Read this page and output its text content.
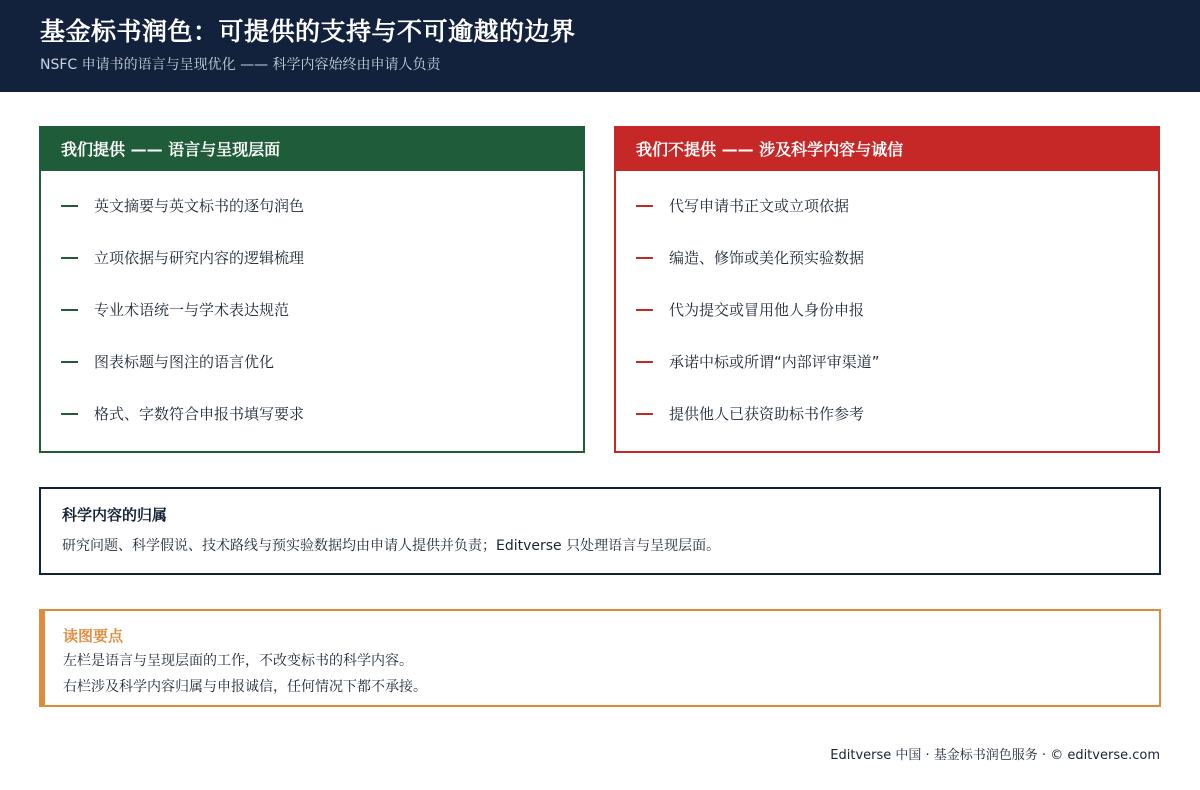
基金标书润色：可提供的支持与不可逾越的边界
NSFC 申请书的语言与呈现优化 —— 科学内容始终由申请人负责
我们提供 —— 语言与呈现层面
英文摘要与英文标书的逐句润色
立项依据与研究内容的逻辑梳理
专业术语统一与学术表达规范
图表标题与图注的语言优化
格式、字数符合申报书填写要求
我们不提供 —— 涉及科学内容与诚信
代写申请书正文或立项依据
编造、修饰或美化预实验数据
代为提交或冒用他人身份申报
承诺中标或所谓“内部评审渠道”
提供他人已获资助标书作参考
科学内容的归属
研究问题、科学假说、技术路线与预实验数据均由申请人提供并负责；Editverse 只处理语言与呈现层面。
读图要点
左栏是语言与呈现层面的工作，不改变标书的科学内容。
右栏涉及科学内容归属与申报诚信，任何情况下都不承接。
Editverse 中国 · 基金标书润色服务 · © editverse.com
